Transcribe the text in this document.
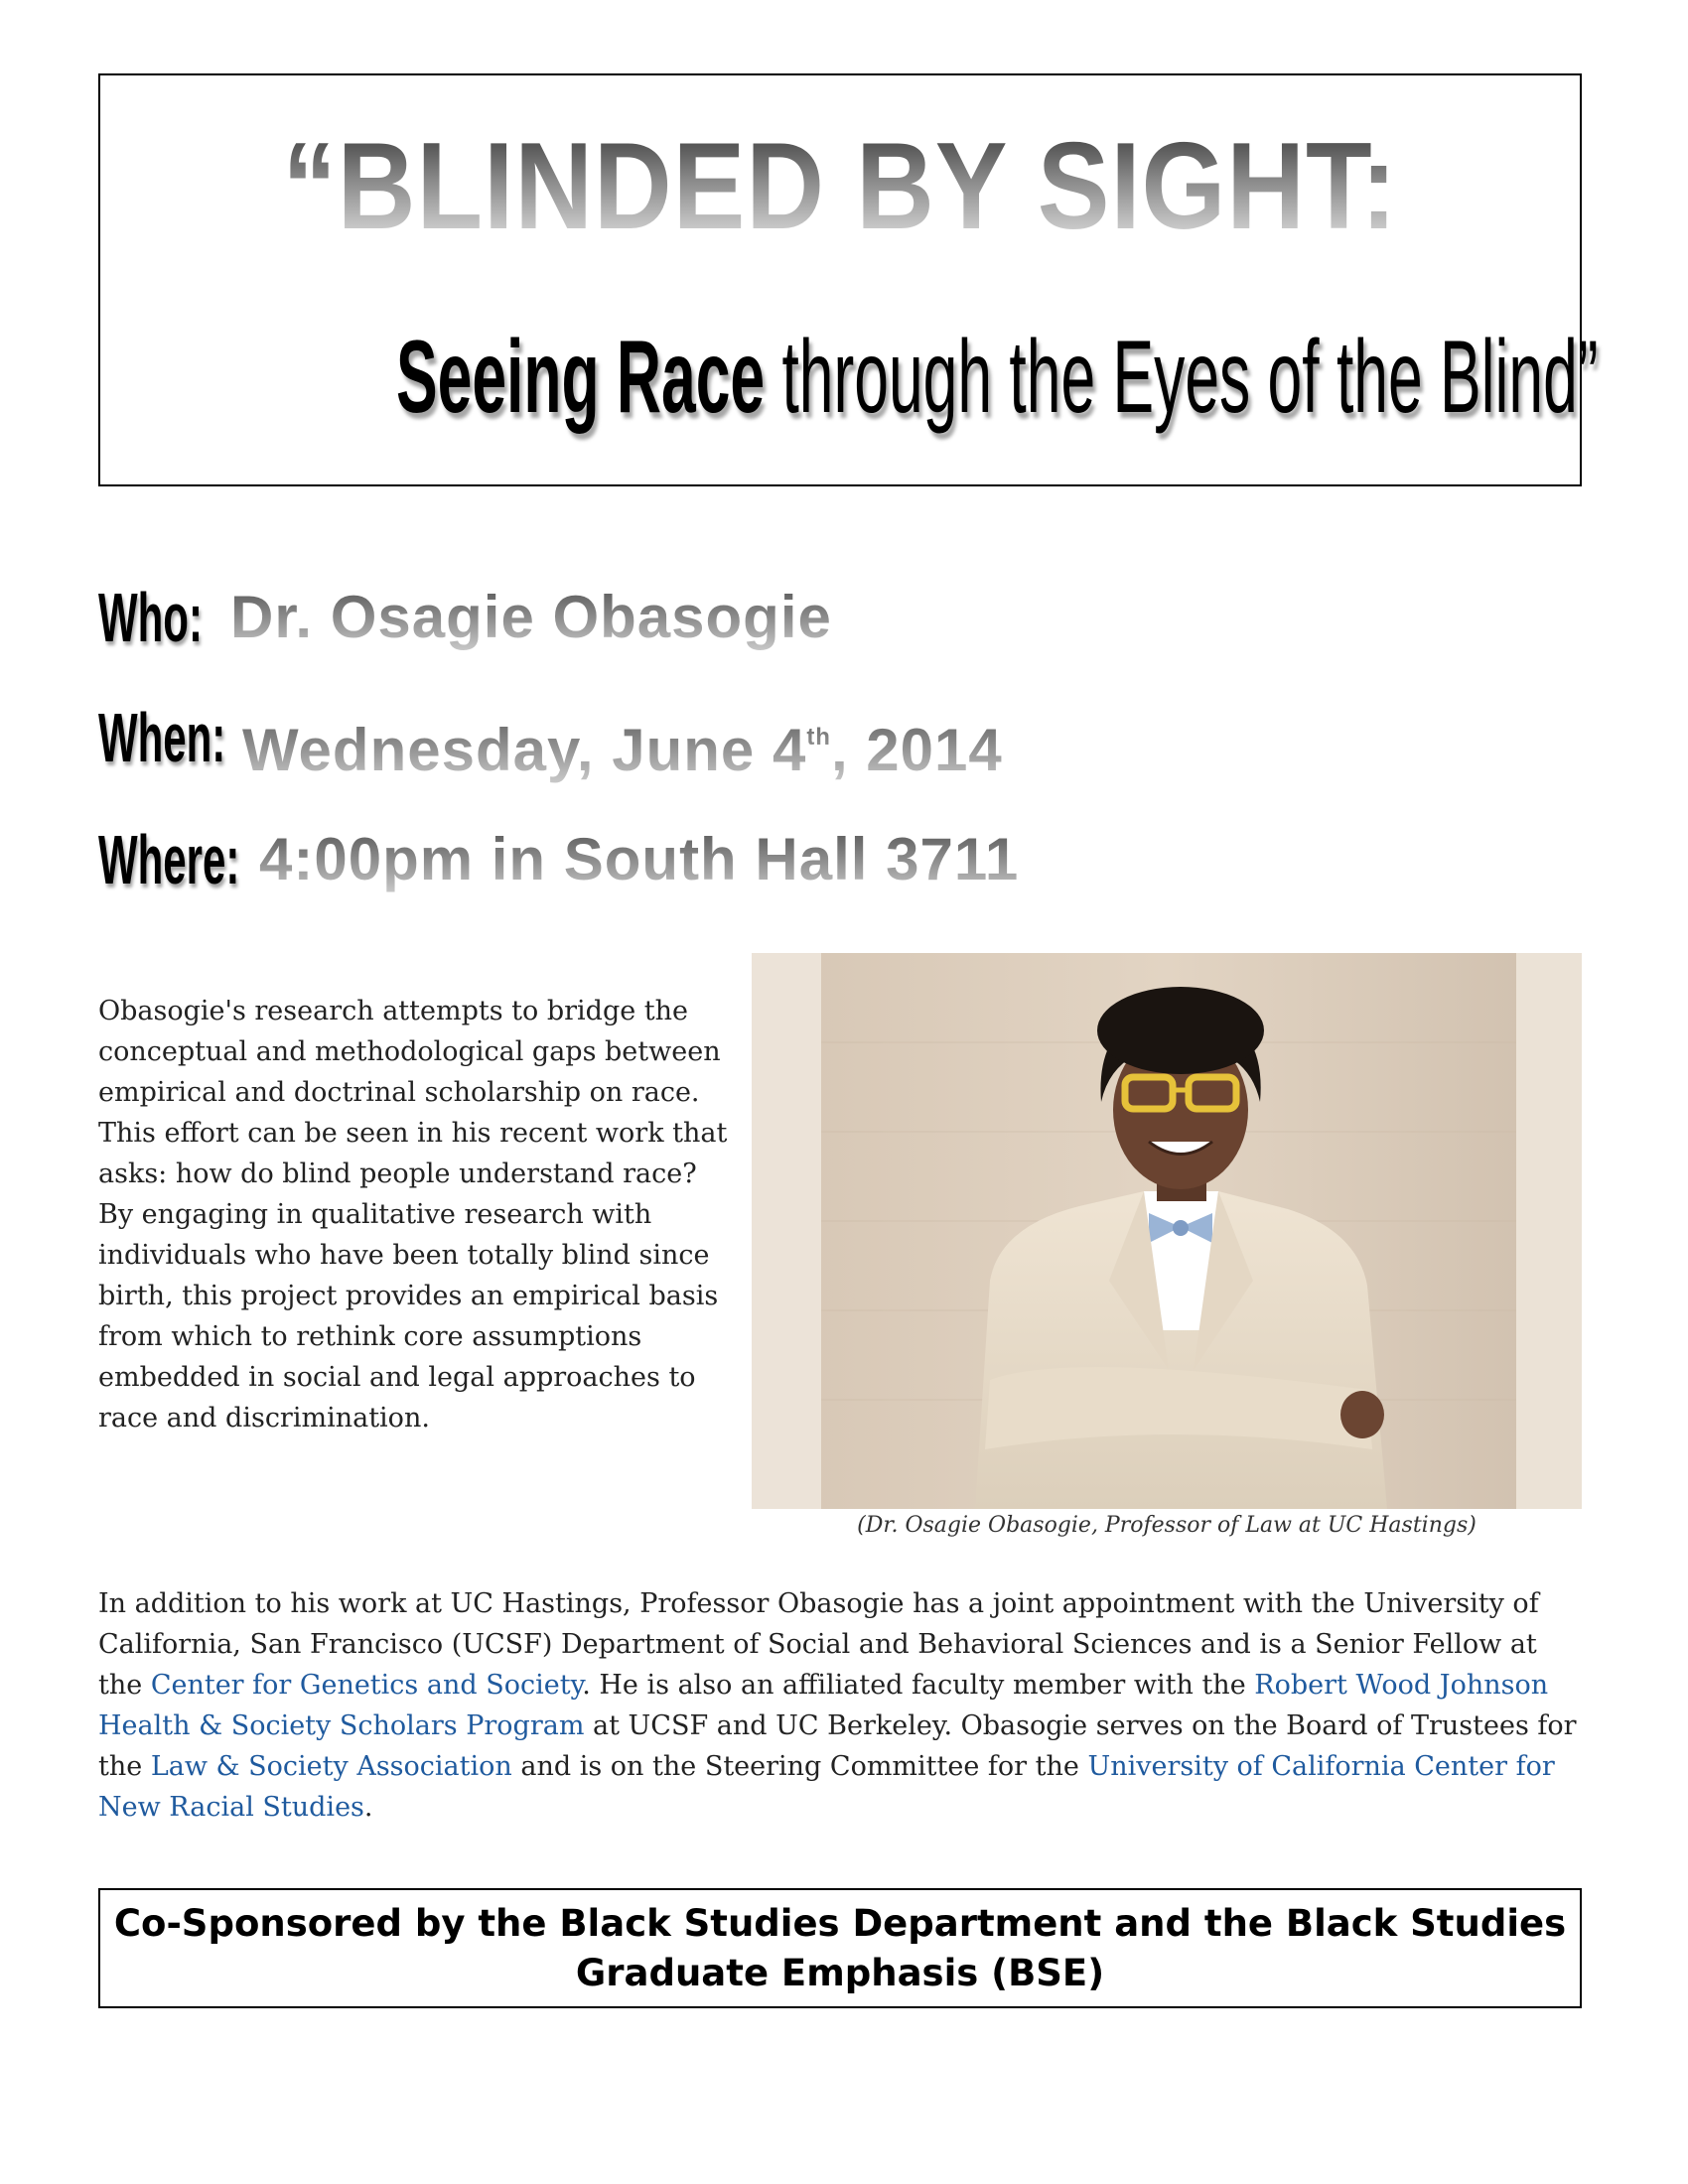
“BLINDED BY SIGHT:
Seeing Race through the Eyes of the Blind”
Who: Dr. Osagie Obasogie
When: Wednesday, June 4th, 2014
Where: 4:00pm in South Hall 3711
Obasogie's research attempts to bridge the conceptual and methodological gaps between empirical and doctrinal scholarship on race. This effort can be seen in his recent work that asks: how do blind people understand race? By engaging in qualitative research with individuals who have been totally blind since birth, this project provides an empirical basis from which to rethink core assumptions embedded in social and legal approaches to race and discrimination.
(Dr. Osagie Obasogie, Professor of Law at UC Hastings)
In addition to his work at UC Hastings, Professor Obasogie has a joint appointment with the University of California, San Francisco (UCSF) Department of Social and Behavioral Sciences and is a Senior Fellow at the Center for Genetics and Society. He is also an affiliated faculty member with the Robert Wood Johnson Health & Society Scholars Program at UCSF and UC Berkeley. Obasogie serves on the Board of Trustees for the Law & Society Association and is on the Steering Committee for the University of California Center for New Racial Studies.
Co-Sponsored by the Black Studies Department and the Black Studies
Graduate Emphasis (BSE)
